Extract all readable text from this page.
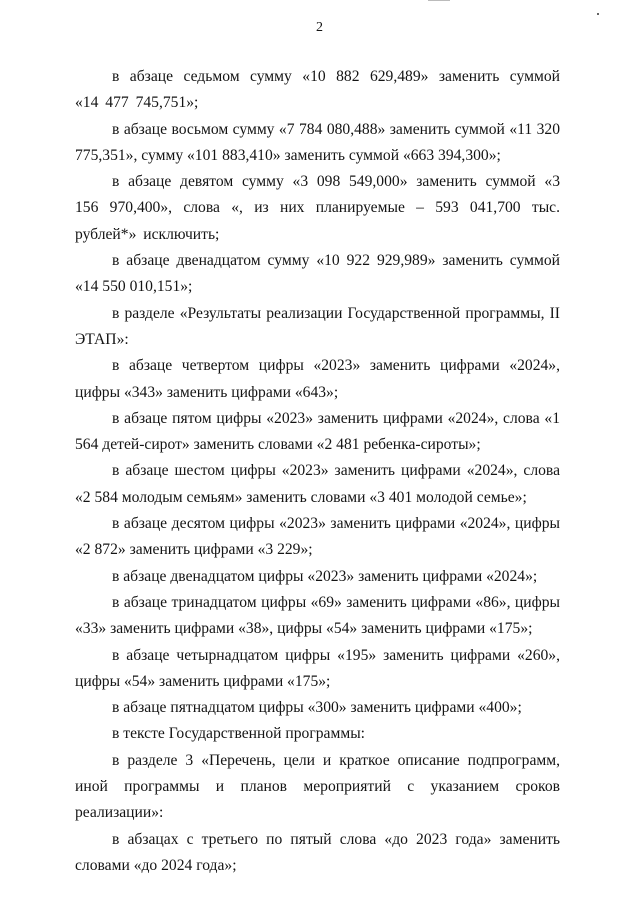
2

в абзаце седьмом сумму «10 882 629,489» заменить суммой «14 477 745,751»;

в абзаце восьмом сумму «7 784 080,488» заменить суммой «11 320 775,351», сумму «101 883,410» заменить суммой «663 394,300»;

в абзаце девятом сумму «3 098 549,000» заменить суммой «3 156 970,400», слова «, из них планируемые – 593 041,700 тыс. рублей*» исключить;

в абзаце двенадцатом сумму «10 922 929,989» заменить суммой «14 550 010,151»;

в разделе «Результаты реализации Государственной программы, II ЭТАП»:

в абзаце четвертом цифры «2023» заменить цифрами «2024», цифры «343» заменить цифрами «643»;

в абзаце пятом цифры «2023» заменить цифрами «2024», слова «1 564 детей-сирот» заменить словами «2 481 ребенка-сироты»;

в абзаце шестом цифры «2023» заменить цифрами «2024», слова «2 584 молодым семьям» заменить словами «3 401 молодой семье»;

в абзаце десятом цифры «2023» заменить цифрами «2024», цифры «2 872» заменить цифрами «3 229»;

в абзаце двенадцатом цифры «2023» заменить цифрами «2024»;

в абзаце тринадцатом цифры «69» заменить цифрами «86», цифры «33» заменить цифрами «38», цифры «54» заменить цифрами «175»;

в абзаце четырнадцатом цифры «195» заменить цифрами «260», цифры «54» заменить цифрами «175»;

в абзаце пятнадцатом цифры «300» заменить цифрами «400»;

в тексте Государственной программы:

в разделе 3 «Перечень, цели и краткое описание подпрограмм, иной программы и планов мероприятий с указанием сроков реализации»:

в абзацах с третьего по пятый слова «до 2023 года» заменить словами «до 2024 года»;
